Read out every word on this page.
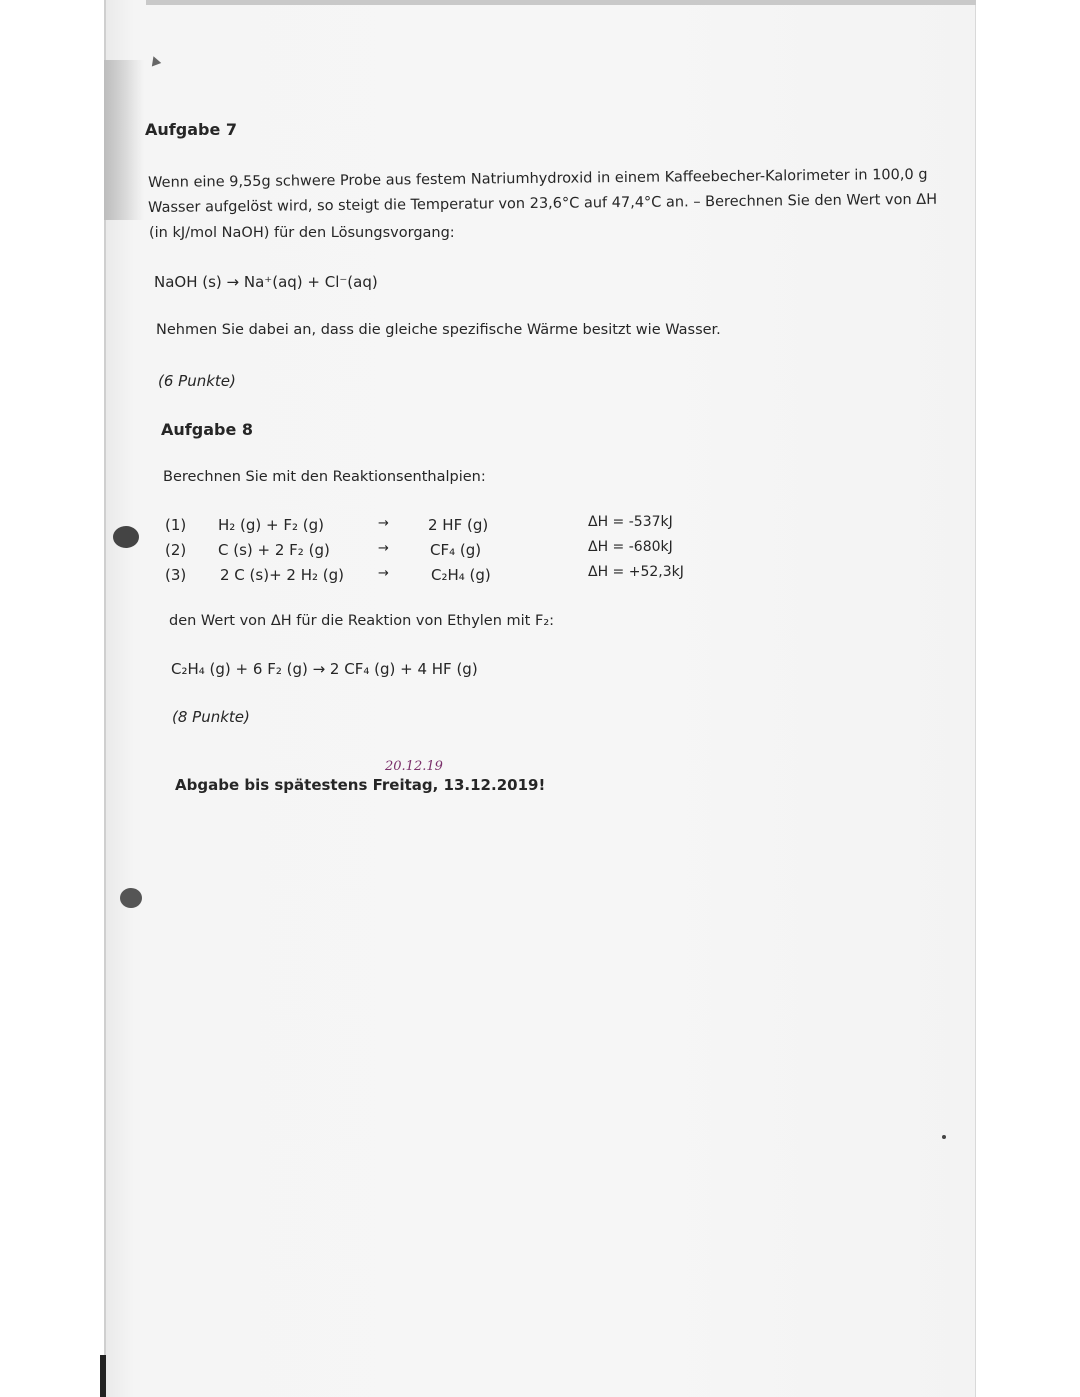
Aufgabe 7
Wenn eine 9,55g schwere Probe aus festem Natriumhydroxid in einem Kaffeebecher-Kalorimeter in 100,0 g
Wasser aufgelöst wird, so steigt die Temperatur von 23,6°C auf 47,4°C an. – Berechnen Sie den Wert von ΔH
(in kJ/mol NaOH) für den Lösungsvorgang:
NaOH (s) → Na⁺(aq) + Cl⁻(aq)
Nehmen Sie dabei an, dass die gleiche spezifische Wärme besitzt wie Wasser.
(6 Punkte)
Aufgabe 8
Berechnen Sie mit den Reaktionsenthalpien:
(1) H₂ (g) + F₂ (g)	→	2 HF (g)	ΔH = -537kJ
(2) C (s) + 2 F₂ (g)	→	CF₄ (g)	ΔH = -680kJ
(3) 2 C (s)+ 2 H₂ (g)	→	C₂H₄ (g)	ΔH = +52,3kJ
den Wert von ΔH für die Reaktion von Ethylen mit F₂:
C₂H₄ (g) + 6 F₂ (g) → 2 CF₄ (g) + 4 HF (g)
(8 Punkte)
20.12.19
Abgabe bis spätestens Freitag, 13.12.2019!
